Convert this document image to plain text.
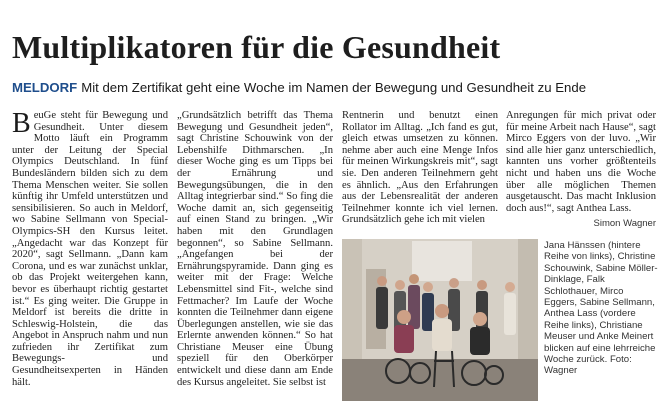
Multiplikatoren für die Gesundheit
MELDORF Mit dem Zertifikat geht eine Woche im Namen der Bewegung und Gesundheit zu Ende
BeuGe steht für Bewegung und Gesundheit. Unter diesem Motto läuft ein Programm unter der Leitung der Special Olympics Deutschland. In fünf Bundesländern bilden sich zu dem Thema Menschen weiter. Sie sollen künftig ihr Umfeld unterstützen und sensibilisieren. So auch in Meldorf, wo Sabine Sellmann von Special-Olympics-SH den Kursus leitet. „Angedacht war das Konzept für 2020“, sagt Sellmann. „Dann kam Corona, und es war zunächst unklar, ob das Projekt weitergehen kann, bevor es überhaupt richtig gestartet ist.“ Es ging weiter. Die Gruppe in Meldorf ist bereits die dritte in Schleswig-Holstein, die das Angebot in Anspruch nahm und nun zufrieden ihr Zertifikat zum Bewegungs- und Gesundheitsexperten in Händen hält.

„Grundsätzlich betrifft das Thema Bewegung und Gesundheit jeden“, sagt Christine Schouwink von der Lebenshilfe Dithmarschen. „In dieser Woche ging es um Tipps bei der Ernährung und Bewegungsübungen, die in den Alltag integrierbar sind.“ So fing die Woche damit an, sich gegenseitig auf einen Stand zu bringen. „Wir haben mit den Grundlagen begonnen“, so Sabine Sellmann. „Angefangen bei der Ernährungspyramide. Dann ging es weiter mit der Frage: Welche Lebensmittel sind Fit-, welche sind Fettmacher? Im Laufe der Woche konnten die Teilnehmer dann eigene Überlegungen anstellen, wie sie das Erlernte anwenden können.“ So hat Christiane Meuser eine Übung speziell für den Oberkörper entwickelt und diese dann am Ende des Kursus angeleitet. Sie selbst ist

Rentnerin und benutzt einen Rollator im Alltag. „Ich fand es gut, gleich etwas umsetzen zu können. nehme aber auch eine Menge Infos für meinen Wirkungskreis mit“, sagt sie. Den anderen Teilnehmern geht es ähnlich. „Aus den Erfahrungen aus der Lebensrealität der anderen Teilnehmer konnte ich viel lernen. Grundsätzlich gehe ich mit vielen

Anregungen für mich privat oder für meine Arbeit nach Hause“, sagt Mirco Eggers von der luvo. „Wir sind alle hier ganz unterschiedlich, kannten uns vorher größtenteils nicht und haben uns die Woche über alle möglichen Themen ausgetauscht. Das macht Inklusion doch aus!“, sagt Anthea Lass.

Simon Wagner
Jana Hänssen (hintere Reihe von links), Christine Schouwink, Sabine Möller-Dinklage, Falk Schlothauer, Mirco Eggers, Sabine Sellmann, Anthea Lass (vordere Reihe links), Christiane Meuser und Anke Meinert blicken auf eine lehrreiche Woche zurück. Foto: Wagner
